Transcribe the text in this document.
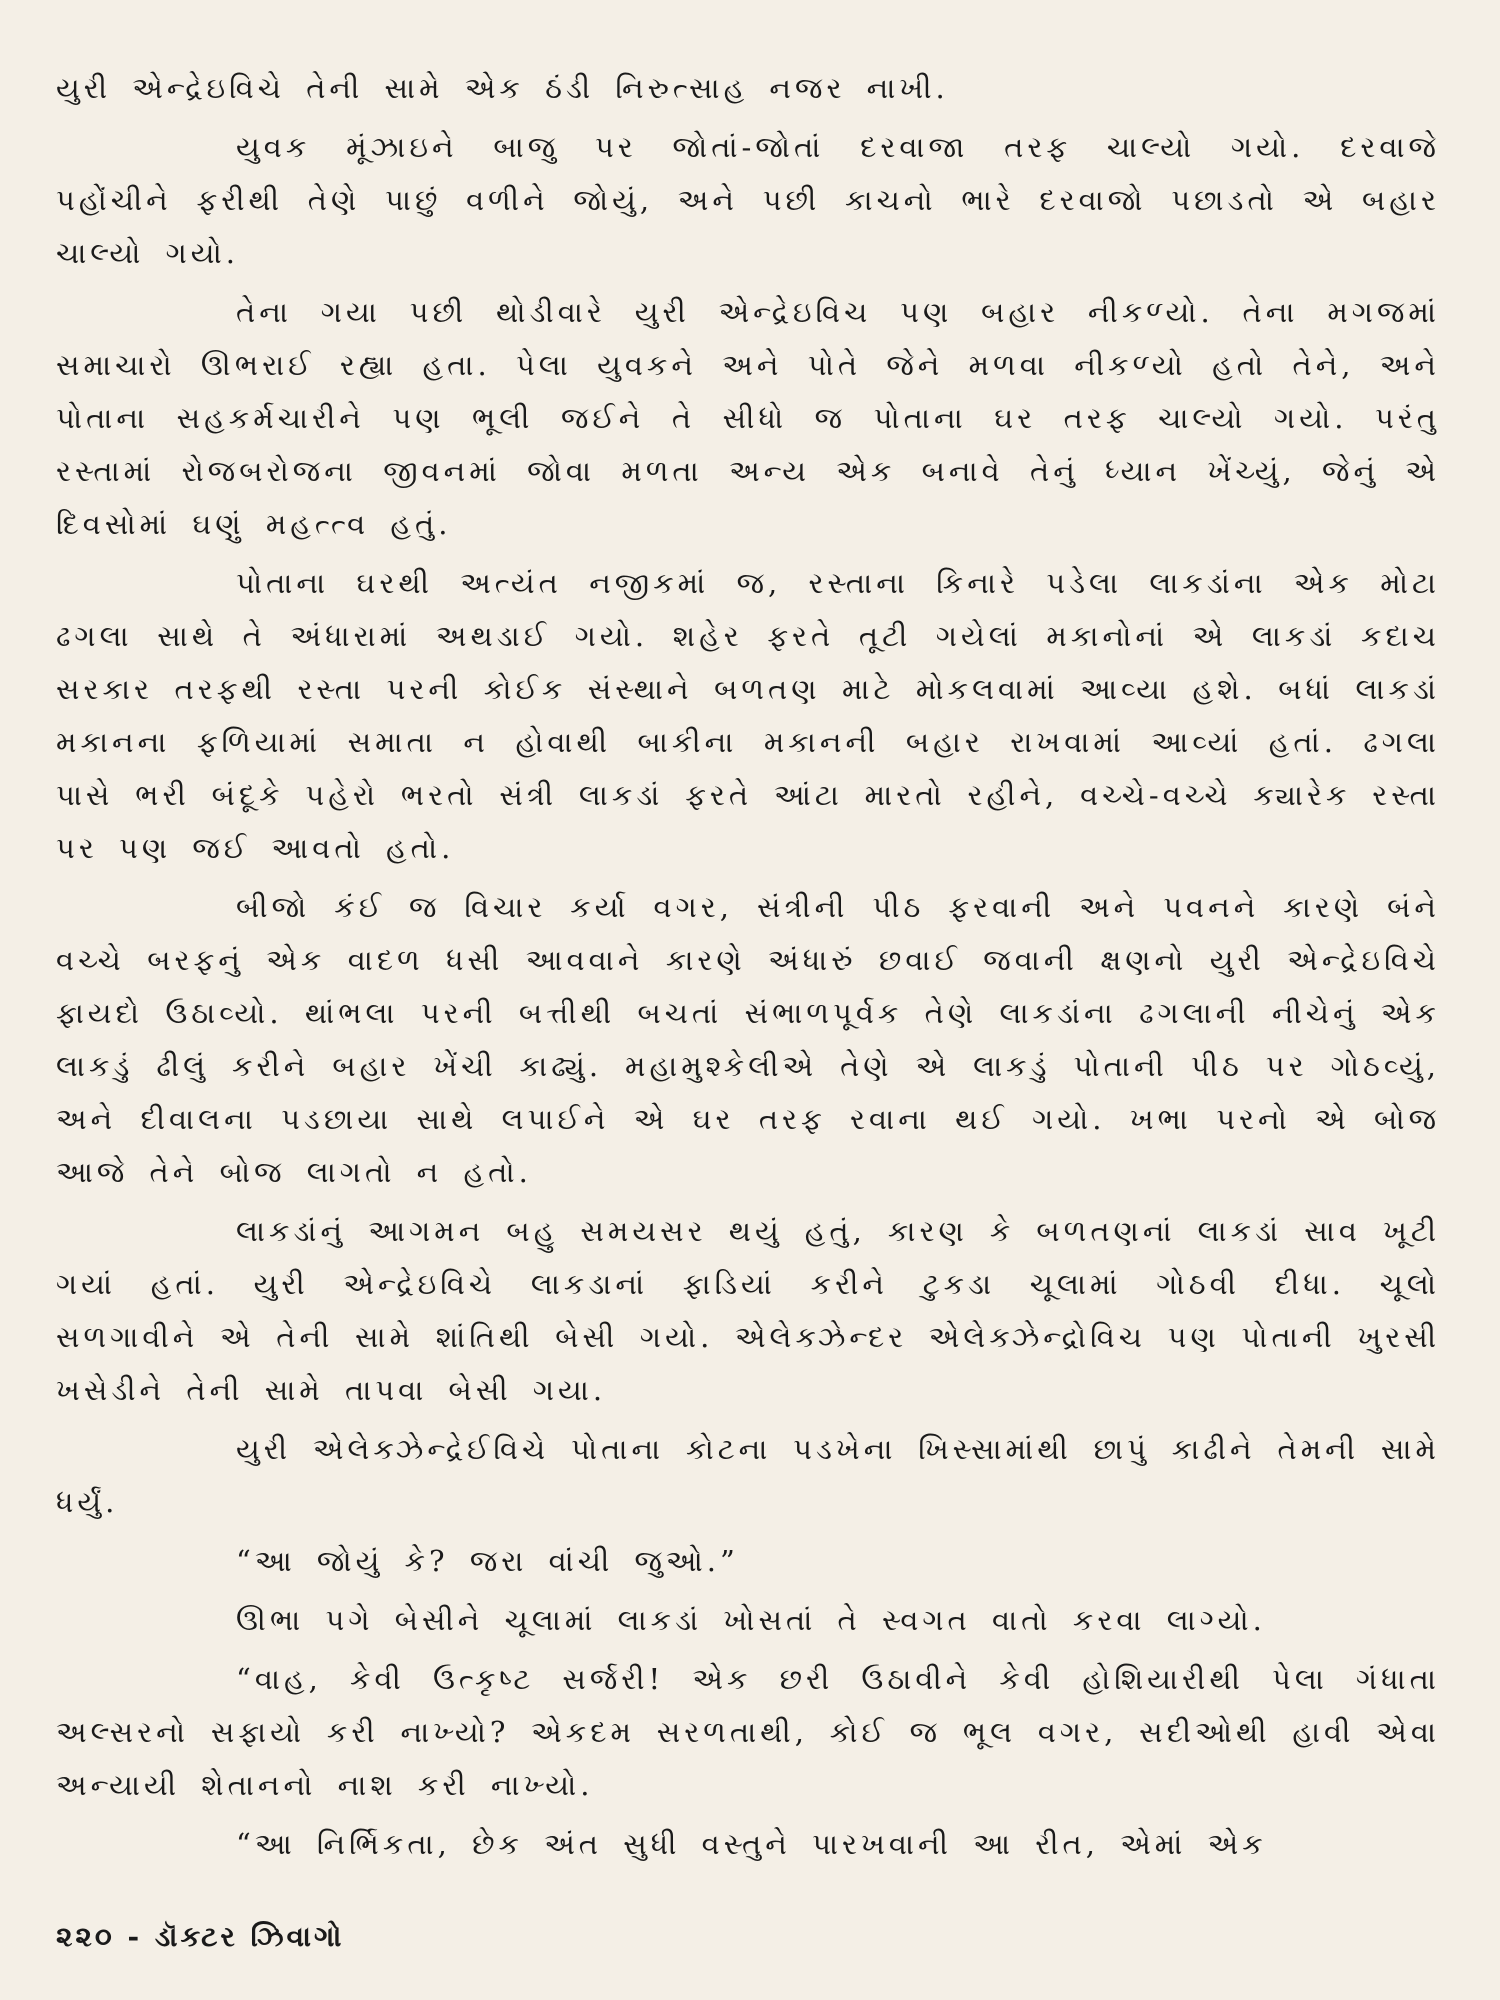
યુરી એન્દ્રેઇવિચે તેની સામે એક ઠંડી નિરુત્સાહ નજર નાખી.

યુવક મૂંઝાઇને બાજુ પર જોતાં-જોતાં દરવાજા તરફ ચાલ્યો ગયો. દરવાજે પહોંચીને ફરીથી તેણે પાછું વળીને જોયું, અને પછી કાચનો ભારે દરવાજો પછાડતો એ બહાર ચાલ્યો ગયો.

તેના ગયા પછી થોડીવારે યુરી એન્દ્રેઇવિચ પણ બહાર નીકળ્યો. તેના મગજમાં સમાચારો ઊભરાઈ રહ્યા હતા. પેલા યુવકને અને પોતે જેને મળવા નીકળ્યો હતો તેને, અને પોતાના સહકર્મચારીને પણ ભૂલી જઈને તે સીધો જ પોતાના ઘર તરફ ચાલ્યો ગયો. પરંતુ રસ્તામાં રોજબરોજના જીવનમાં જોવા મળતા અન્ય એક બનાવે તેનું ધ્યાન ખેંચ્યું, જેનું એ દિવસોમાં ઘણું મહત્ત્વ હતું.

પોતાના ઘરથી અત્યંત નજીકમાં જ, રસ્તાના કિનારે પડેલા લાકડાંના એક મોટા ઢગલા સાથે તે અંધારામાં અથડાઈ ગયો. શહેર ફરતે તૂટી ગયેલાં મકાનોનાં એ લાકડાં કદાચ સરકાર તરફથી રસ્તા પરની કોઈક સંસ્થાને બળતણ માટે મોકલવામાં આવ્યા હશે. બધાં લાકડાં મકાનના ફળિયામાં સમાતા ન હોવાથી બાકીના મકાનની બહાર રાખવામાં આવ્યાં હતાં. ઢગલા પાસે ભરી બંદૂકે પહેરો ભરતો સંત્રી લાકડાં ફરતે આંટા મારતો રહીને, વચ્ચે-વચ્ચે ક્યારેક રસ્તા પર પણ જઈ આવતો હતો.

બીજો કંઈ જ વિચાર કર્યા વગર, સંત્રીની પીઠ ફરવાની અને પવનને કારણે બંને વચ્ચે બરફનું એક વાદળ ધસી આવવાને કારણે અંધારું છવાઈ જવાની ક્ષણનો યુરી એન્દ્રેઇવિચે ફાયદો ઉઠાવ્યો. થાંભલા પરની બત્તીથી બચતાં સંભાળપૂર્વક તેણે લાકડાંના ઢગલાની નીચેનું એક લાકડું ઢીલું કરીને બહાર ખેંચી કાઢ્યું. મહામુશ્કેલીએ તેણે એ લાકડું પોતાની પીઠ પર ગોઠવ્યું, અને દીવાલના પડછાયા સાથે લપાઈને એ ઘર તરફ રવાના થઈ ગયો. ખભા પરનો એ બોજ આજે તેને બોજ લાગતો ન હતો.

લાકડાંનું આગમન બહુ સમયસર થયું હતું, કારણ કે બળતણનાં લાકડાં સાવ ખૂટી ગયાં હતાં. યુરી એન્દ્રેઇવિચે લાકડાનાં ફાડિયાં કરીને ટુકડા ચૂલામાં ગોઠવી દીધા. ચૂલો સળગાવીને એ તેની સામે શાંતિથી બેસી ગયો. એલેક્ઝેન્દર એલેક્ઝેન્દ્રોવિચ પણ પોતાની ખુરસી ખસેડીને તેની સામે તાપવા બેસી ગયા.

યુરી એલેક્ઝેન્દ્રેઈવિચે પોતાના કોટના પડખેના ખિસ્સામાંથી છાપું કાઢીને તેમની સામે ધર્યું.

“આ જોયું કે? જરા વાંચી જુઓ.”

ઊભા પગે બેસીને ચૂલામાં લાકડાં ખોસતાં તે સ્વગત વાતો કરવા લાગ્યો.

“વાહ, કેવી ઉત્કૃષ્ટ સર્જરી! એક છરી ઉઠાવીને કેવી હોશિયારીથી પેલા ગંધાતા અલ્સરનો સફાયો કરી નાખ્યો? એકદમ સરળતાથી, કોઈ જ ભૂલ વગર, સદીઓથી હાવી એવા અન્યાયી શેતાનનો નાશ કરી નાખ્યો.

“આ નિર્ભિકતા, છેક અંત સુધી વસ્તુને પારખવાની આ રીત, એમાં એક

૨૨૦ - ડૉક્ટર ઝિવાગો
